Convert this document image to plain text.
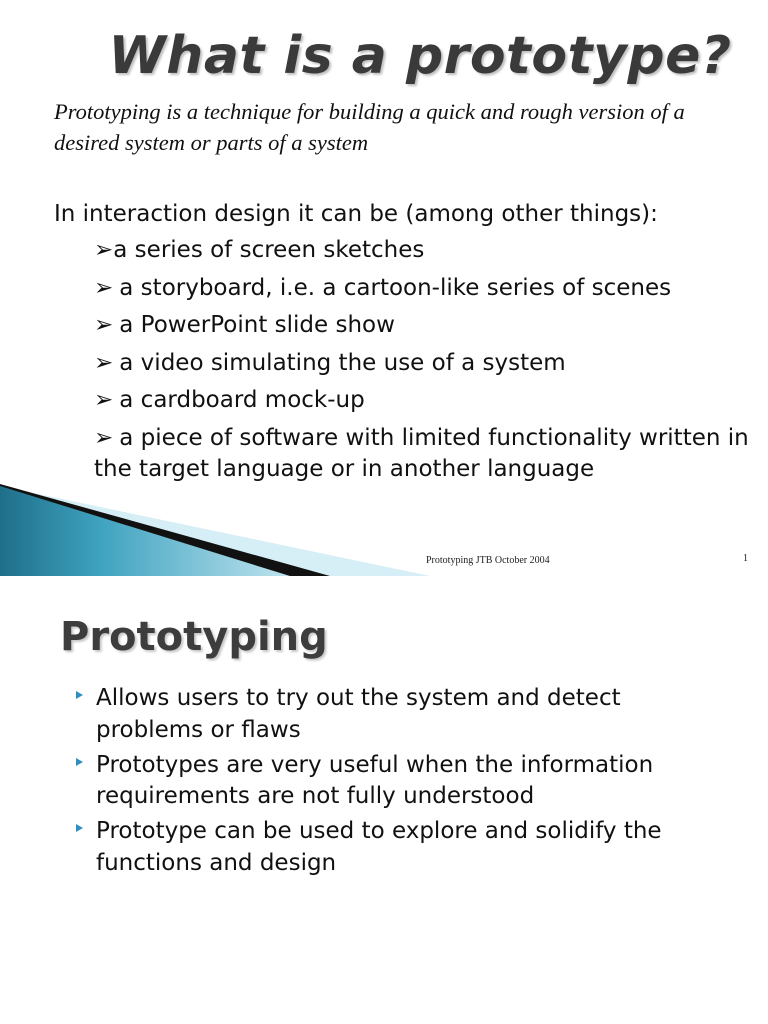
What is a prototype?

Prototyping is a technique for building a quick and rough version of a desired system or parts of a system

In interaction design it can be (among other things):

➢a series of screen sketches
➢ a storyboard, i.e. a cartoon-like series of scenes
➢ a PowerPoint slide show
➢ a video simulating the use of a system
➢ a cardboard mock-up
➢ a piece of software with limited functionality written in the target language or in another language
Prototyping JTB October 2004	1
Prototyping
Allows users to try out the system and detect problems or flaws
Prototypes are very useful when the information requirements are not fully understood
Prototype can be used to explore and solidify the functions and design
